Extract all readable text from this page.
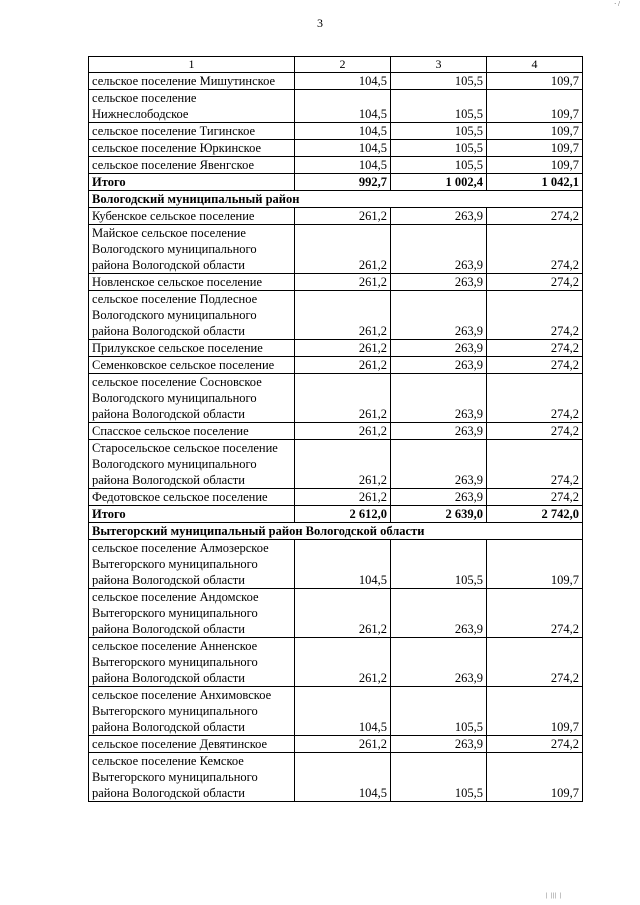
· /
3
1	2	3	4
сельское поселение Мишутинское	104,5	105,5	109,7
сельское поселение
Нижнеслободское	104,5	105,5	109,7
сельское поселение Тигинское	104,5	105,5	109,7
сельское поселение Юркинское	104,5	105,5	109,7
сельское поселение Явенгское	104,5	105,5	109,7
Итого	992,7	1 002,4	1 042,1
Вологодский муниципальный район			
Кубенское сельское поселение	261,2	263,9	274,2
Майское сельское поселение
Вологодского муниципального
района Вологодской области	261,2	263,9	274,2
Новленское сельское поселение	261,2	263,9	274,2
сельское поселение Подлесное
Вологодского муниципального
района Вологодской области	261,2	263,9	274,2
Прилукское сельское поселение	261,2	263,9	274,2
Семенковское сельское поселение	261,2	263,9	274,2
сельское поселение Сосновское
Вологодского муниципального
района Вологодской области	261,2	263,9	274,2
Спасское сельское поселение	261,2	263,9	274,2
Старосельское сельское поселение
Вологодского муниципального
района Вологодской области	261,2	263,9	274,2
Федотовское сельское поселение	261,2	263,9	274,2
Итого	2 612,0	2 639,0	2 742,0
Вытегорский муниципальный район Вологодской области			
сельское поселение Алмозерское
Вытегорского муниципального
района Вологодской области	104,5	105,5	109,7
сельское поселение Андомское
Вытегорского муниципального
района Вологодской области	261,2	263,9	274,2
сельское поселение Анненское
Вытегорского муниципального
района Вологодской области	261,2	263,9	274,2
сельское поселение Анхимовское
Вытегорского муниципального
района Вологодской области	104,5	105,5	109,7
сельское поселение Девятинское	261,2	263,9	274,2
сельское поселение Кемское
Вытегорского муниципального
района Вологодской области	104,5	105,5	109,7
| ||| |
